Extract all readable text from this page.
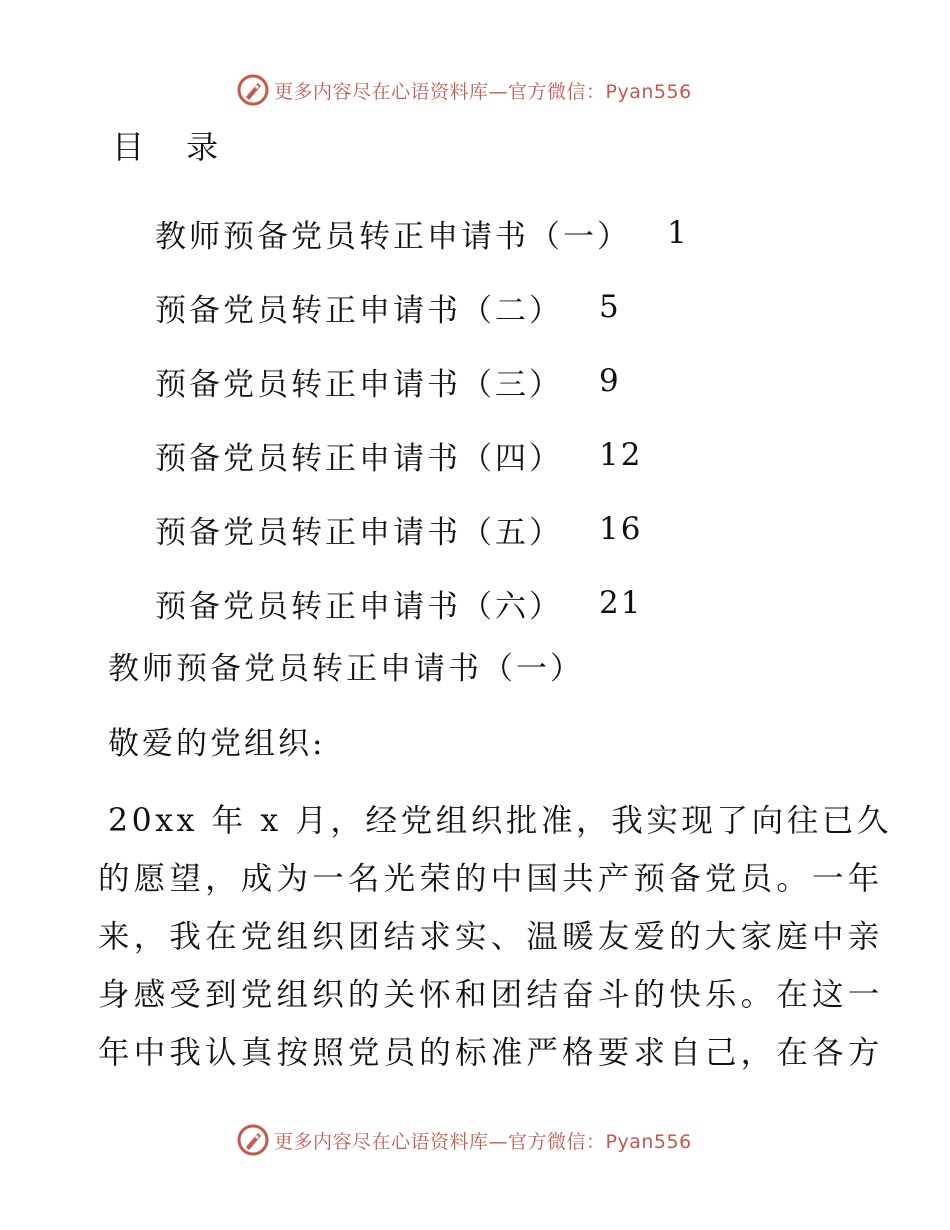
更多内容尽在心语资料库—官方微信：Pyan556
目 录
教师预备党员转正申请书（一） 1
预备党员转正申请书（二） 5
预备党员转正申请书（三） 9
预备党员转正申请书（四） 12
预备党员转正申请书（五） 16
预备党员转正申请书（六） 21
教师预备党员转正申请书（一）
敬爱的党组织:
20xx 年 x 月，经党组织批准，我实现了向往已久
的愿望，成为一名光荣的中国共产预备党员。一年
来，我在党组织团结求实、温暖友爱的大家庭中亲
身感受到党组织的关怀和团结奋斗的快乐。在这一
年中我认真按照党员的标准严格要求自己，在各方
更多内容尽在心语资料库—官方微信：Pyan556
